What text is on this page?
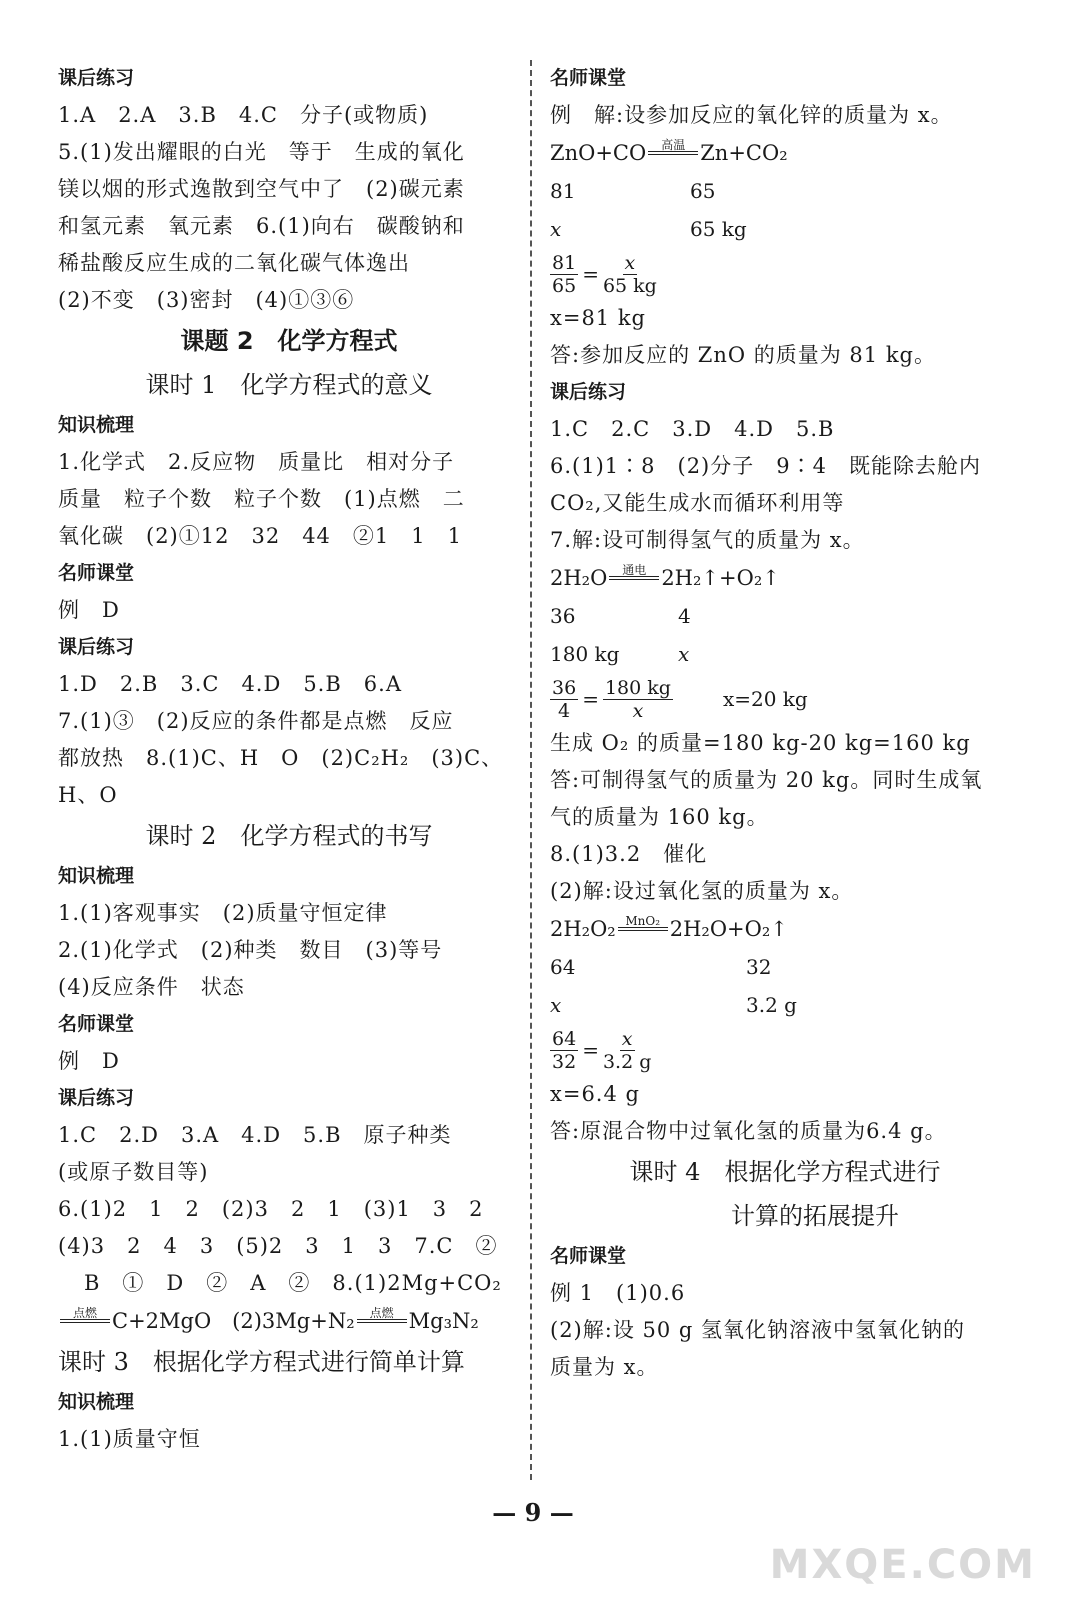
课后练习
1.A　2.A　3.B　4.C　分子(或物质)
5.(1)发出耀眼的白光　等于　生成的氧化
镁以烟的形式逸散到空气中了　(2)碳元素
和氢元素　氧元素　6.(1)向右　碳酸钠和
稀盐酸反应生成的二氧化碳气体逸出
(2)不变　(3)密封　(4)①③⑥
课题 2　化学方程式
课时 1　化学方程式的意义
知识梳理
1.化学式　2.反应物　质量比　相对分子
质量　粒子个数　粒子个数　(1)点燃　二
氧化碳　(2)①12　32　44　②1　1　1
名师课堂
例　D
课后练习
1.D　2.B　3.C　4.D　5.B　6.A
7.(1)③　(2)反应的条件都是点燃　反应
都放热　8.(1)C、H　O　(2)C₂H₂　(3)C、
H、O
课时 2　化学方程式的书写
知识梳理
1.(1)客观事实　(2)质量守恒定律
2.(1)化学式　(2)种类　数目　(3)等号
(4)反应条件　状态
名师课堂
例　D
课后练习
1.C　2.D　3.A　4.D　5.B　原子种类
(或原子数目等)
6.(1)2　1　2　(2)3　2　1　(3)1　3　2
(4)3　2　4　3　(5)2　3　1　3　7.C　②
B　①　D　②　A　②　8.(1)2Mg+CO₂
点燃 C+2MgO　(2)3Mg+N₂ 点燃 Mg₃N₂
课时 3　根据化学方程式进行简单计算
知识梳理
1.(1)质量守恒
名师课堂
例　解:设参加反应的氧化锌的质量为 x。
ZnO+CO 高温 Zn+CO₂
81	65
x	65 kg
$\frac{81}{65} = \frac{x}{65 kg}$
x=81 kg
答:参加反应的 ZnO 的质量为 81 kg。
课后练习
1.C　2.C　3.D　4.D　5.B
6.(1)1∶8　(2)分子　9∶4　既能除去舱内
CO₂,又能生成水而循环利用等
7.解:设可制得氢气的质量为 x。
2H₂O 通电 2H₂↑+O₂↑
36	4
180 kg	x
$\frac{36}{4} = \frac{180 kg}{x}$	x=20 kg
生成 O₂ 的质量=180 kg-20 kg=160 kg
答:可制得氢气的质量为 20 kg。同时生成氧
气的质量为 160 kg。
8.(1)3.2　催化
(2)解:设过氧化氢的质量为 x。
2H₂O₂ MnO₂ 2H₂O+O₂↑
64	32
x	3.2 g
$\frac{64}{32} = \frac{x}{3.2 g}$
x=6.4 g
答:原混合物中过氧化氢的质量为6.4 g。
课时 4　根据化学方程式进行
计算的拓展提升
名师课堂
例 1　(1)0.6
(2)解:设 50 g 氢氧化钠溶液中氢氧化钠的
质量为 x。
— 9 —
MXQE.COM
